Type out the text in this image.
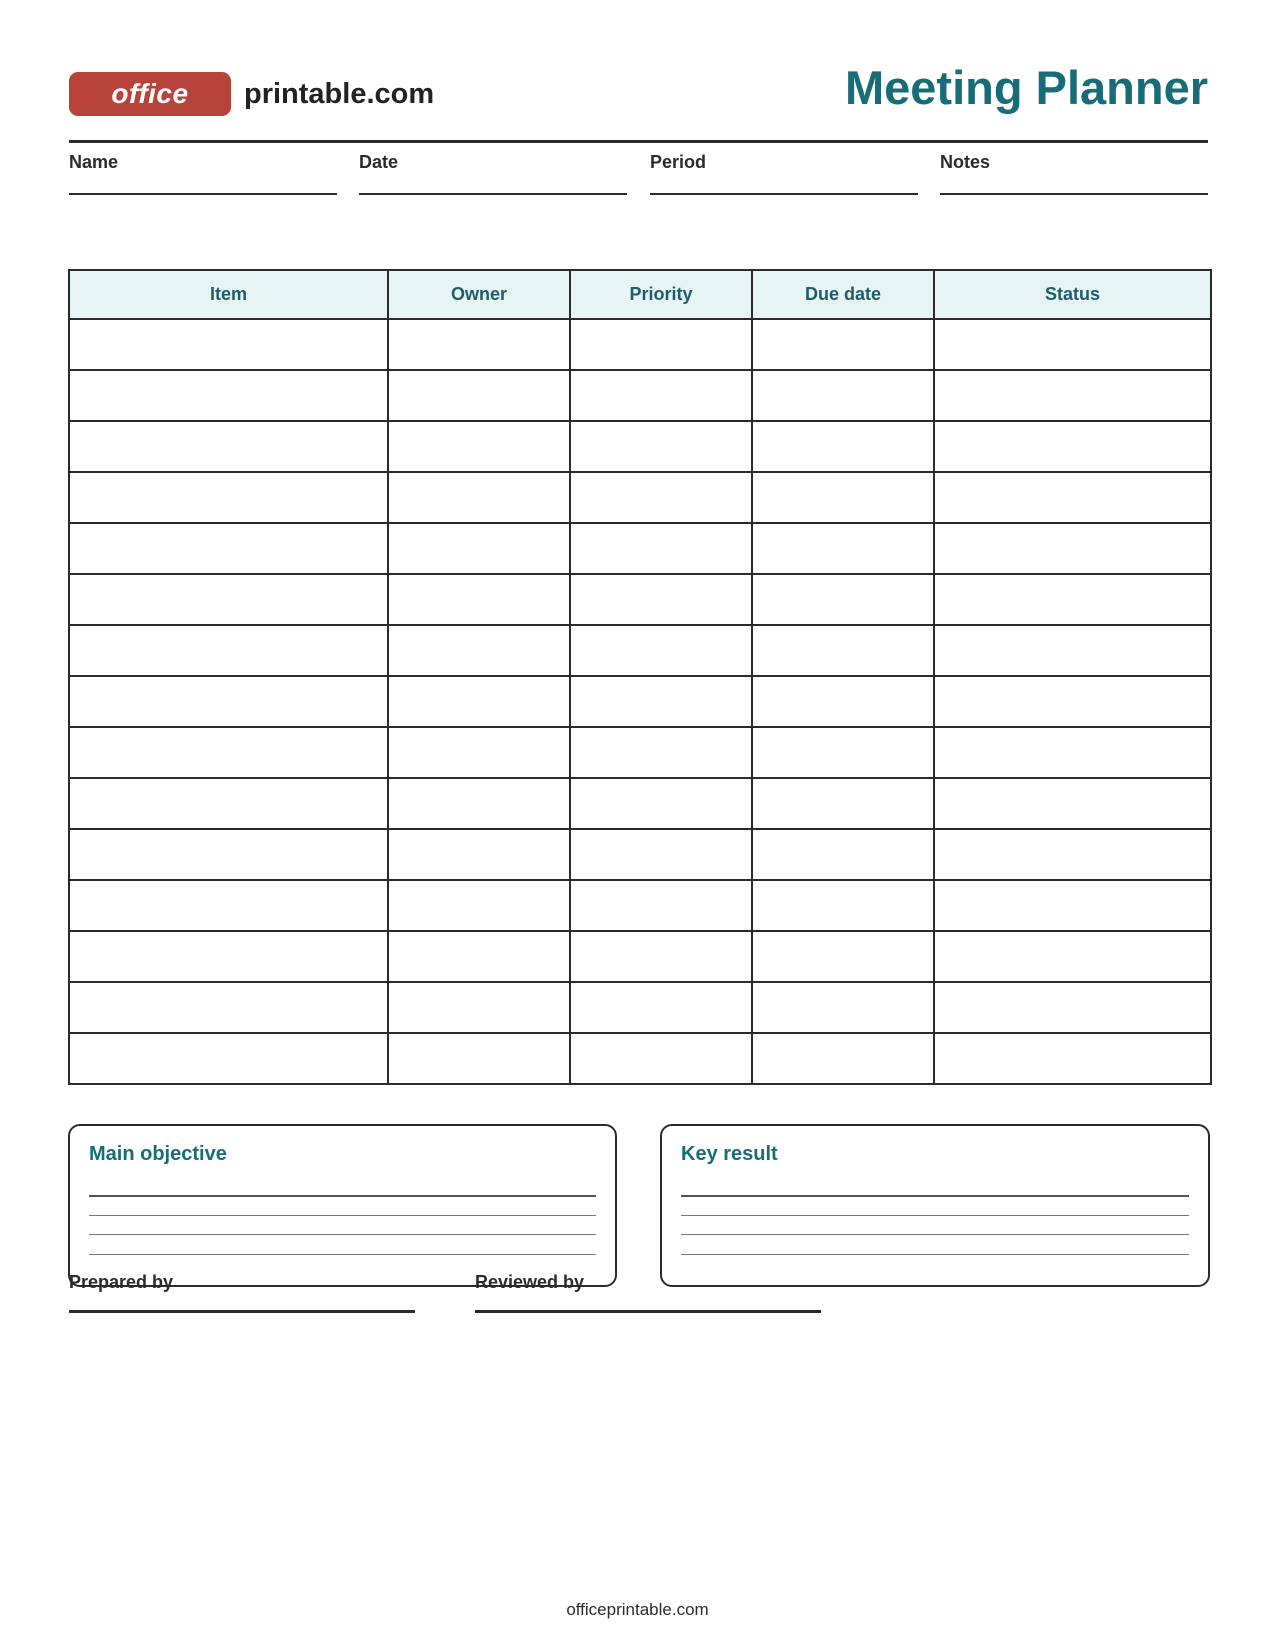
office	printable.com	Meeting Planner
Name	Date	Period	Notes
Item	Owner	Priority	Due date	Status

Main objective	Key result
Prepared by	Reviewed by
officeprintable.com
